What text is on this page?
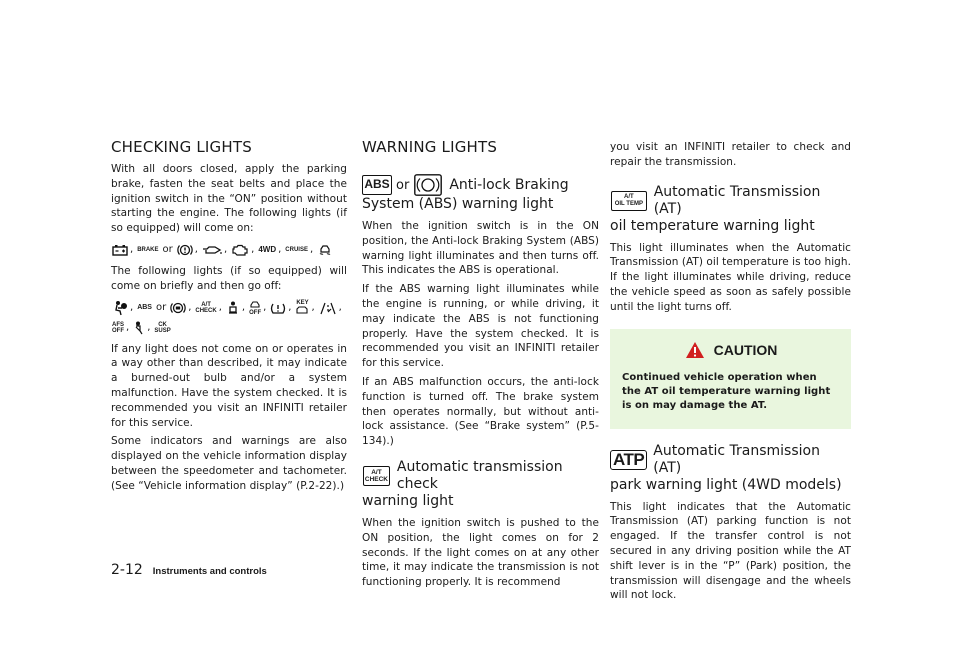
CHECKING LIGHTS

With all doors closed, apply the parking brake, fasten the seat belts and place the ignition switch in the “ON” position without starting the engine. The following lights (if so equipped) will come on:

, BRAKE or ,	, , 4WD , CRUISE ,

The following lights (if so equipped) will come on briefly and then go off:

, ABS or , A/T
CHECK , , OFF , , KEY , ,
AFS
OFF , , CK
SUSP

If any light does not come on or operates in a way other than described, it may indicate a burned-out bulb and/or a system malfunction. Have the system checked. It is recommended you visit an INFINITI retailer for this service.

Some indicators and warnings are also displayed on the vehicle information display between the speedometer and tachometer. (See “Vehicle information display” (P.2-22).)

WARNING LIGHTS
ABS or	Anti-lock Braking
System (ABS) warning light

When the ignition switch is in the ON position, the Anti-lock Braking System (ABS) warning light illuminates and then turns off. This indicates the ABS is operational.

If the ABS warning light illuminates while the engine is running, or while driving, it may indicate the ABS is not functioning properly. Have the system checked. It is recommended you visit an INFINITI retailer for this service.

If an ABS malfunction occurs, the anti-lock function is turned off. The brake system then operates normally, but without anti-lock assistance. (See “Brake system” (P.5-134).)

A/T
CHECK
Automatic transmission check
warning light

When the ignition switch is pushed to the ON position, the light comes on for 2 seconds. If the light comes on at any other time, it may indicate the transmission is not functioning properly. It is recommend

you visit an INFINITI retailer to check and repair the transmission.

A/T
OIL TEMP
Automatic Transmission (AT)
oil temperature warning light

This light illuminates when the Automatic Transmission (AT) oil temperature is too high. If the light illuminates while driving, reduce the vehicle speed as soon as safely possible until the light turns off.

CAUTION

Continued vehicle operation when the AT oil temperature warning light is on may damage the AT.

ATP Automatic Transmission (AT)
park warning light (4WD models)

This light indicates that the Automatic Transmission (AT) parking function is not engaged. If the transfer control is not secured in any driving position while the AT shift lever is in the “P” (Park) position, the transmission will disengage and the wheels will not lock.

2-12 Instruments and controls
